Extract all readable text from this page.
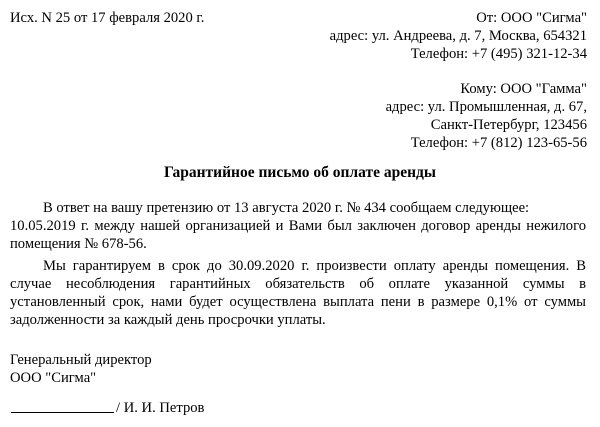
Исх. N 25 от 17 февраля 2020 г.	От: ООО "Сигма"
адрес: ул. Андреева, д. 7, Москва, 654321
Телефон: +7 (495) 321-12-34
Кому: ООО "Гамма"
адрес: ул. Промышленная, д. 67,
Санкт-Петербург, 123456
Телефон: +7 (812) 123-65-56
Гарантийное письмо об оплате аренды
В ответ на вашу претензию от 13 августа 2020 г. № 434 сообщаем следующее:
10.05.2019 г. между нашей организацией и Вами был заключен договор аренды нежилого
помещения № 678-56.
Мы гарантируем в срок до 30.09.2020 г. произвести оплату аренды помещения. В
случае несоблюдения гарантийных обязательств об оплате указанной суммы в
установленный срок, нами будет осуществлена выплата пени в размере 0,1% от суммы
задолженности за каждый день просрочки уплаты.
Генеральный директор
ООО "Сигма"
/ И. И. Петров
